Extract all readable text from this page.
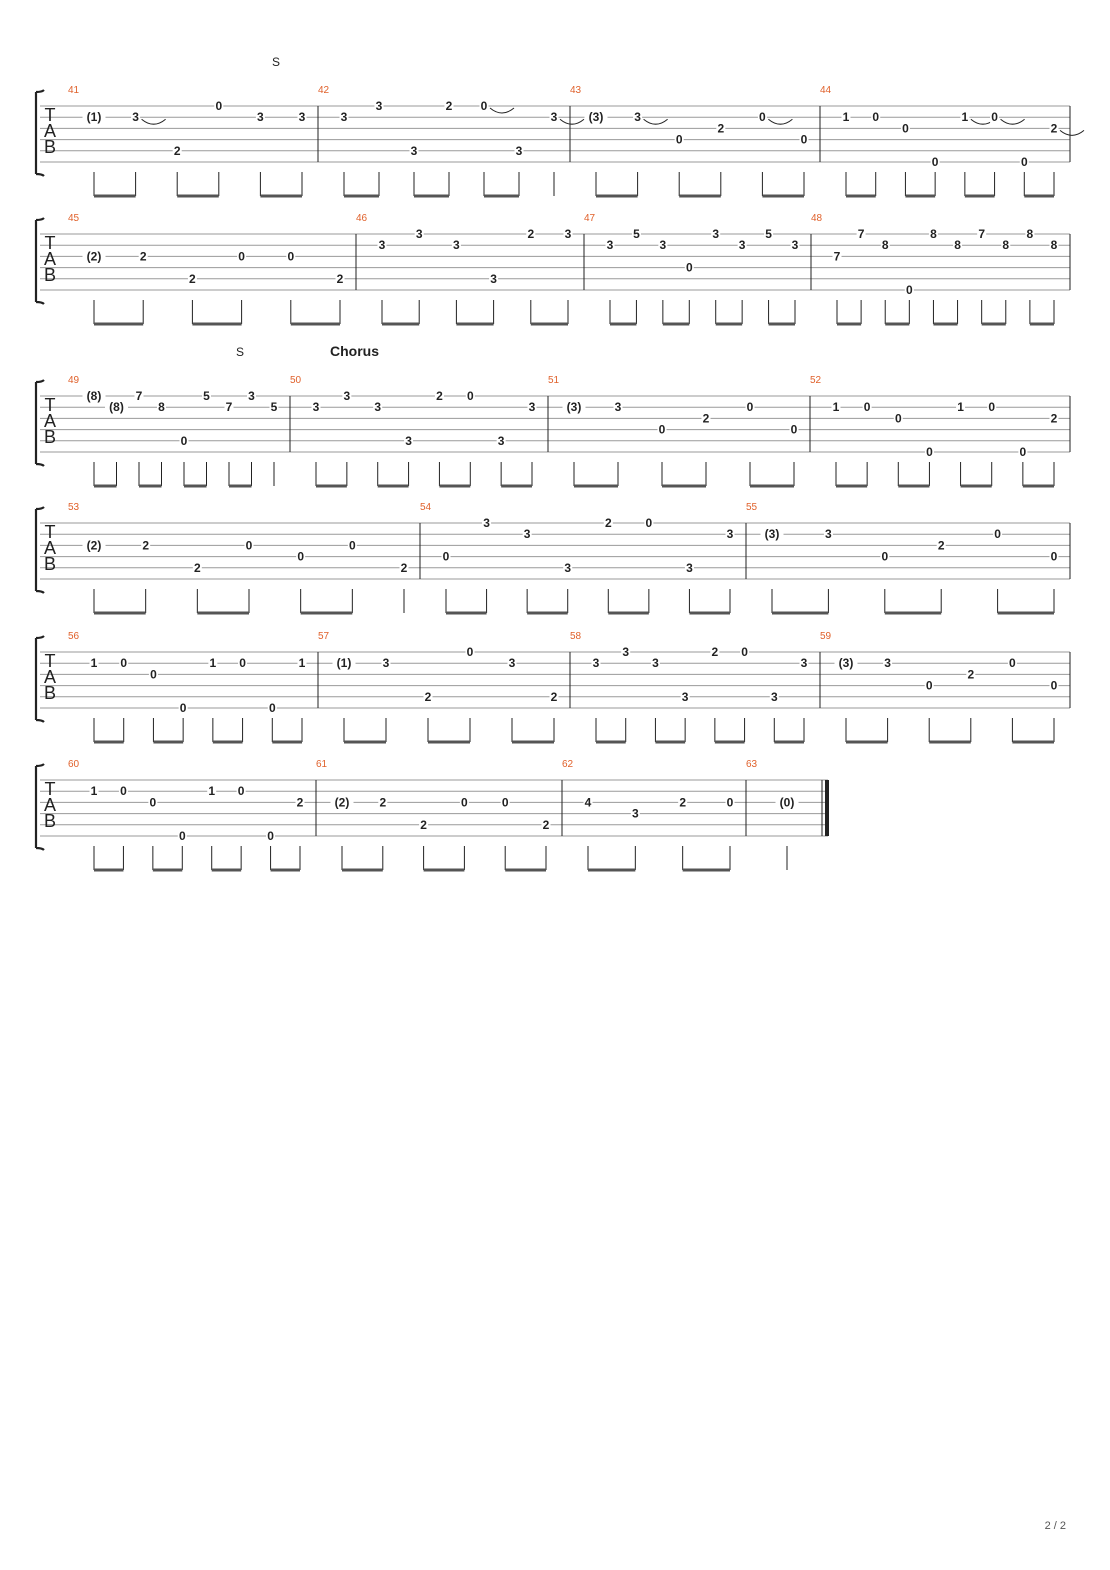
T
A
B
S
41
(1)	3
2
0
3	3
42
3
3
3
2 0
3
3
43
(3)	3
0
2
0
0
44
1 0
0
0
1 0
0
2
T
A
B
45
(2)	2
2
0	0
2
46
3
3
3
3
2	3
47
3
5
3
0
3
3
5
3
48
7
7
8
0
8
8
7
8
8
8
T
A
B
S	Chorus
49
(8)
(8)
7
8
0
5
7
3
5
50
3
3
3
3
2 0
3
3
51
(3)	3
0
2
0
0
52
1 0
0
0
1 0
0
2
T
A
B
53
(2)	2
2
0
0
0
2
54
0
3
3
3
2	0
3
3
55
(3)	3
0
2
0
0
T
A
B
56
1 0
0
0
1 0
0
1
57
(1)	3
2
0
3
2
58
3
3
3
3
2 0
3
3
59
(3)	3
0
2
0
0
T
A
B
60
1 0
0
0
1 0
0
2
61
(2)	2
2
0	0
2
62
4
3
2	0
63
(0)
2 / 2
